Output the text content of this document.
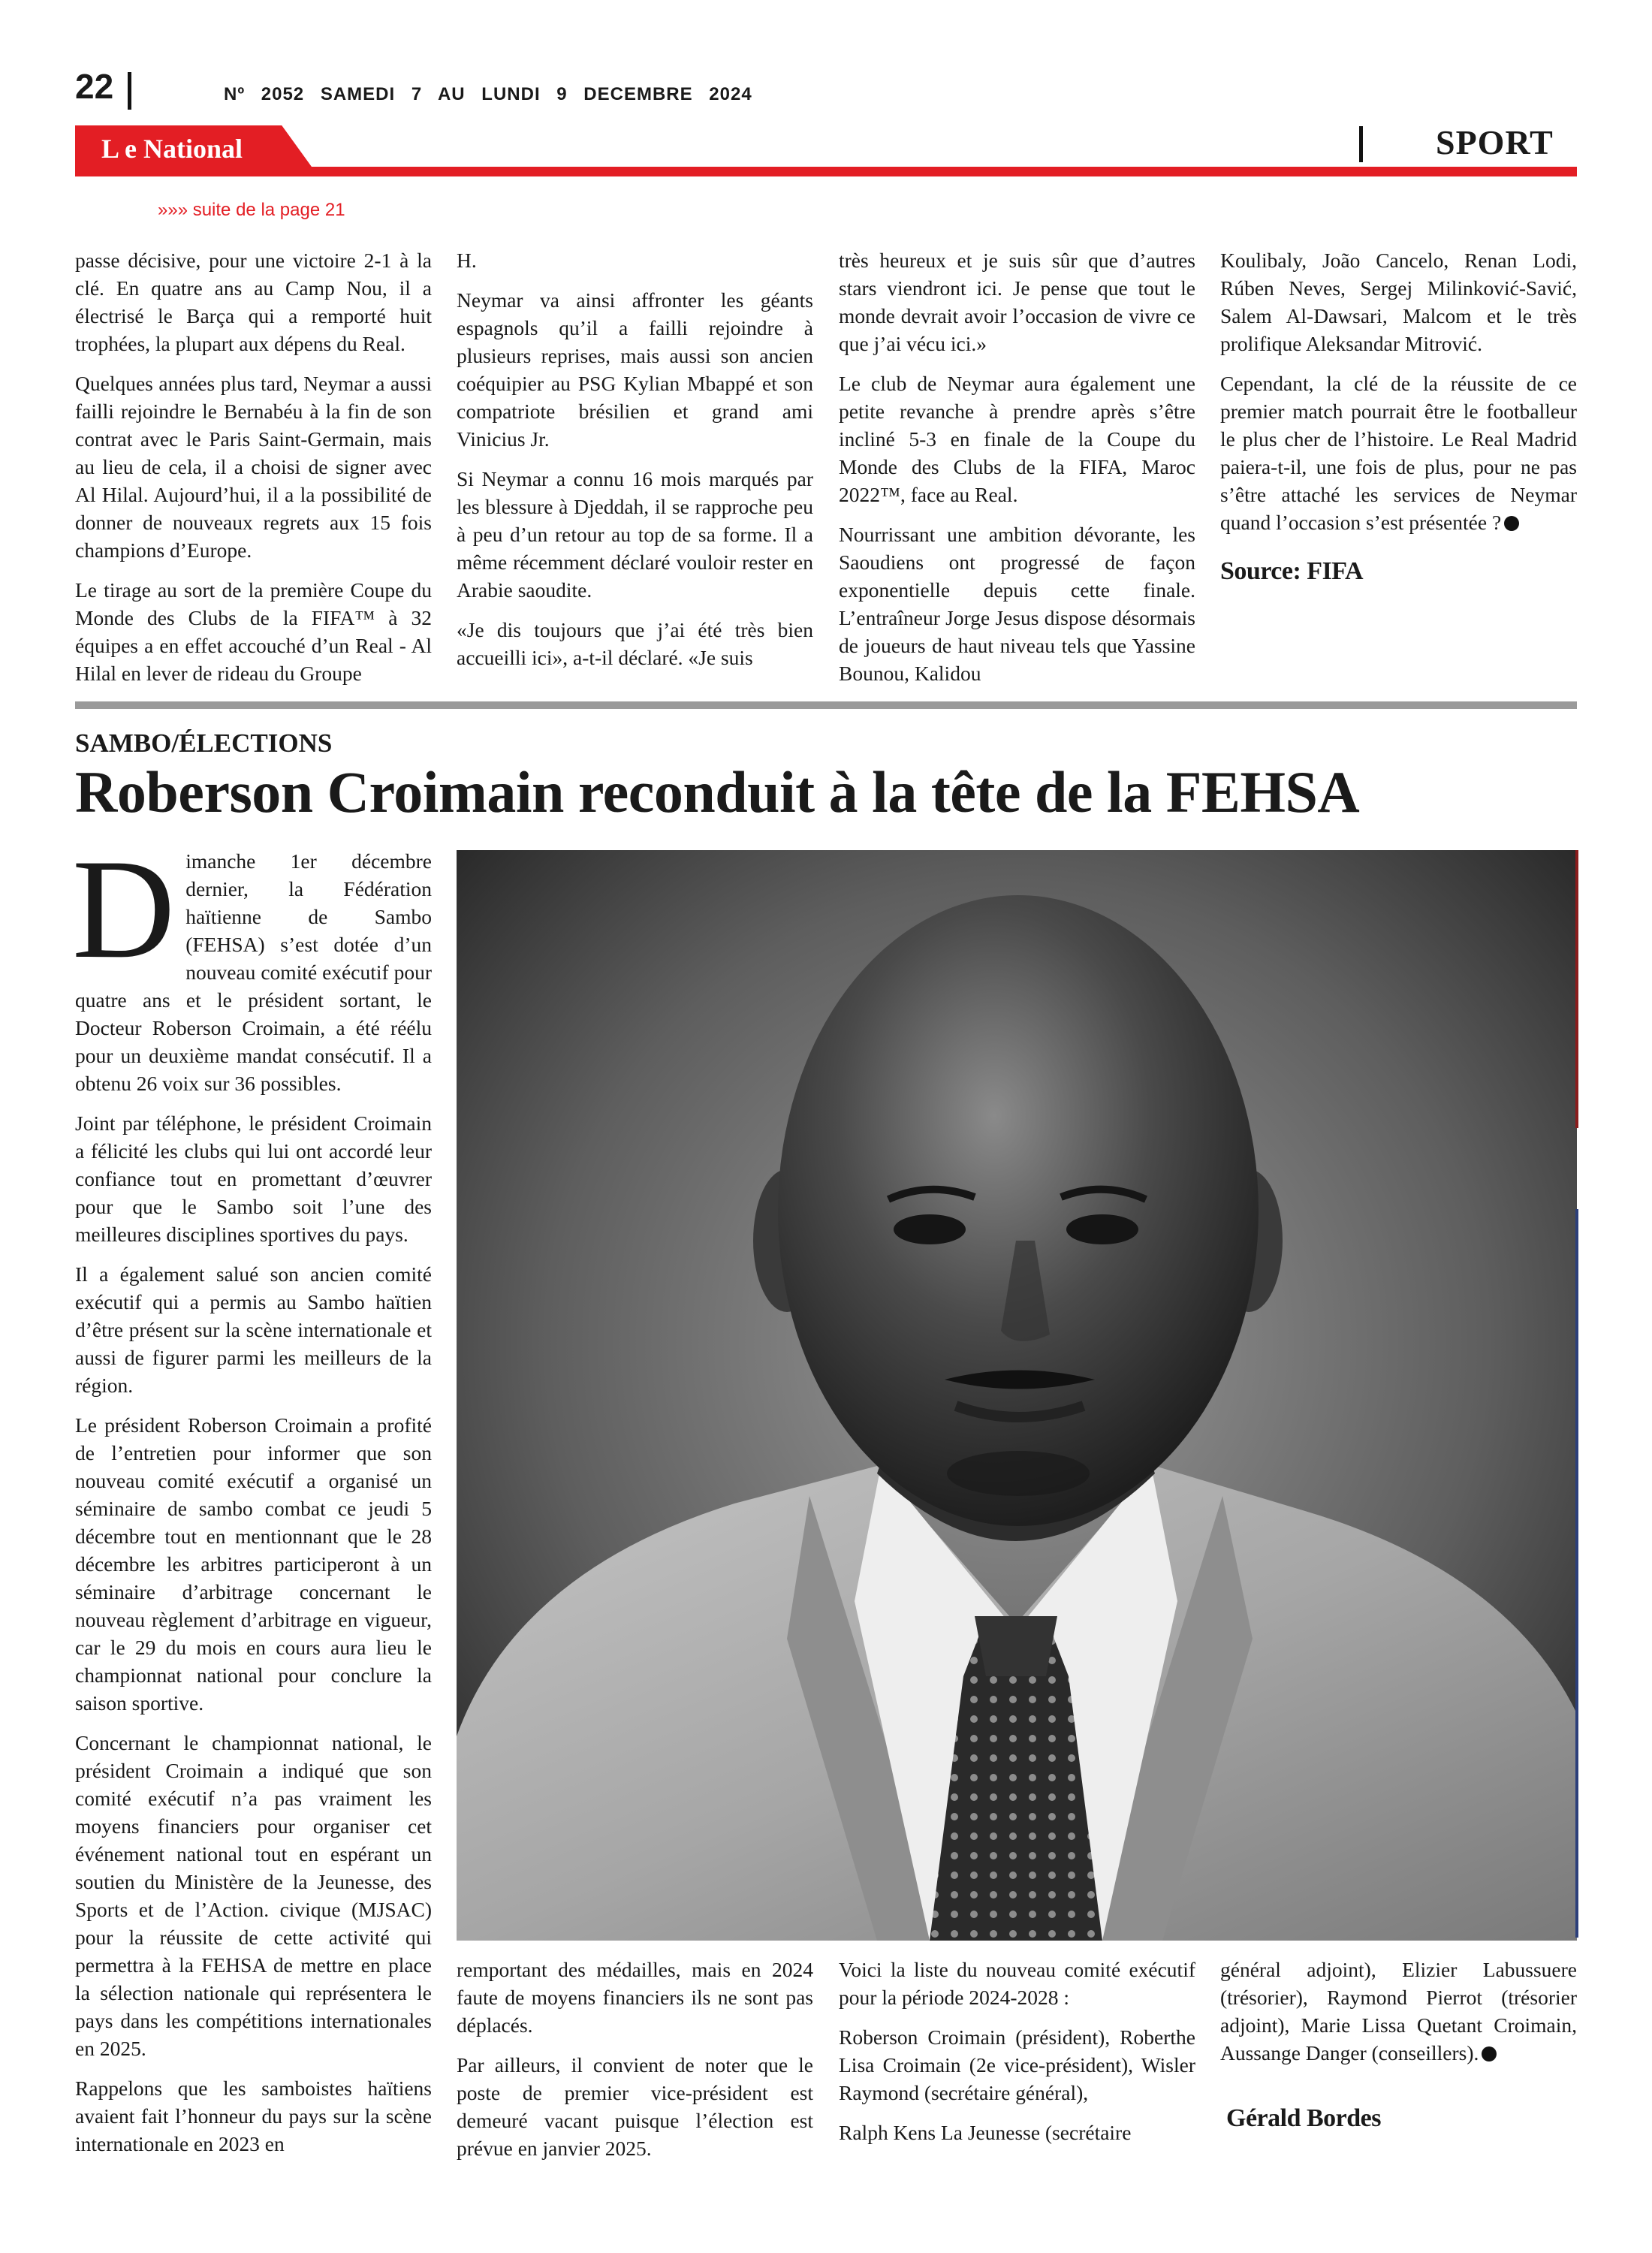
22	Nº 2052 SAMEDI 7 AU LUNDI 9 DECEMBRE 2024
L e National	SPORT
»»» suite de la page 21

passe décisive, pour une victoire 2-1 à la clé. En quatre ans au Camp Nou, il a électrisé le Barça qui a remporté huit trophées, la plupart aux dépens du Real.

Quelques années plus tard, Neymar a aussi failli rejoindre le Bernabéu à la fin de son contrat avec le Paris Saint-Germain, mais au lieu de cela, il a choisi de signer avec Al Hilal. Aujourd’hui, il a la possibilité de donner de nouveaux regrets aux 15 fois champions d’Europe.

Le tirage au sort de la première Coupe du Monde des Clubs de la FIFA™ à 32 équipes a en effet accouché d’un Real - Al Hilal en lever de rideau du Groupe

H.

Neymar va ainsi affronter les géants espagnols qu’il a failli rejoindre à plusieurs reprises, mais aussi son ancien coéquipier au PSG Kylian Mbappé et son compatriote brésilien et grand ami Vinicius Jr.

Si Neymar a connu 16 mois marqués par les blessure à Djeddah, il se rapproche peu à peu d’un retour au top de sa forme. Il a même récemment déclaré vouloir rester en Arabie saoudite.

«Je dis toujours que j’ai été très bien accueilli ici», a-t-il déclaré. «Je suis

très heureux et je suis sûr que d’autres stars viendront ici. Je pense que tout le monde devrait avoir l’occasion de vivre ce que j’ai vécu ici.»

Le club de Neymar aura également une petite revanche à prendre après s’être incliné 5-3 en finale de la Coupe du Monde des Clubs de la FIFA, Maroc 2022™, face au Real.

Nourrissant une ambition dévorante, les Saoudiens ont progressé de façon exponentielle depuis cette finale. L’entraîneur Jorge Jesus dispose désormais de joueurs de haut niveau tels que Yassine Bounou, Kalidou

Koulibaly, João Cancelo, Renan Lodi, Rúben Neves, Sergej Milinković-Savić, Salem Al-Dawsari, Malcom et le très prolifique Aleksandar Mitrović.

Cependant, la clé de la réussite de ce premier match pourrait être le footballeur le plus cher de l’histoire. Le Real Madrid paiera-t-il, une fois de plus, pour ne pas s’être attaché les services de Neymar quand l’occasion s’est présentée ?

Source: FIFA
SAMBO/ÉLECTIONS
Roberson Croimain reconduit à la tête de la FEHSA

Dimanche 1er décembre dernier, la Fédération haïtienne de Sambo (FEHSA) s’est dotée d’un nouveau comité exécutif pour quatre ans et le président sortant, le Docteur Roberson Croimain, a été réélu pour un deuxième mandat consécutif. Il a obtenu 26 voix sur 36 possibles.

Joint par téléphone, le président Croimain a félicité les clubs qui lui ont accordé leur confiance tout en promettant d’œuvrer pour que le Sambo soit l’une des meilleures disciplines sportives du pays.

Il a également salué son ancien comité exécutif qui a permis au Sambo haïtien d’être présent sur la scène internationale et aussi de figurer parmi les meilleurs de la région.

Le président Roberson Croimain a profité de l’entretien pour informer que son nouveau comité exécutif a organisé un séminaire de sambo combat ce jeudi 5 décembre tout en mentionnant que le 28 décembre les arbitres participeront à un séminaire d’arbitrage concernant le nouveau règlement d’arbitrage en vigueur, car le 29 du mois en cours aura lieu le championnat national pour conclure la saison sportive.

Concernant le championnat national, le président Croimain a indiqué que son comité exécutif n’a pas vraiment les moyens financiers pour organiser cet événement national tout en espérant un soutien du Ministère de la Jeunesse, des Sports et de l’Action. civique (MJSAC) pour la réussite de cette activité qui permettra à la FEHSA de mettre en place la sélection nationale qui représentera le pays dans les compétitions internationales en 2025.

Rappelons que les samboistes haïtiens avaient fait l’honneur du pays sur la scène internationale en 2023 en

remportant des médailles, mais en 2024 faute de moyens financiers ils ne sont pas déplacés.

Par ailleurs, il convient de noter que le poste de premier vice-président est demeuré vacant puisque l’élection est prévue en janvier 2025.

Voici la liste du nouveau comité exécutif pour la période 2024-2028 :

Roberson Croimain (président), Roberthe Lisa Croimain (2e vice-président), Wisler Raymond (secrétaire général),

Ralph Kens La Jeunesse (secrétaire

général adjoint), Elizier Labussuere (trésorier), Raymond Pierrot (trésorier adjoint), Marie Lissa Quetant Croimain, Aussange Danger (conseillers).

Gérald Bordes
